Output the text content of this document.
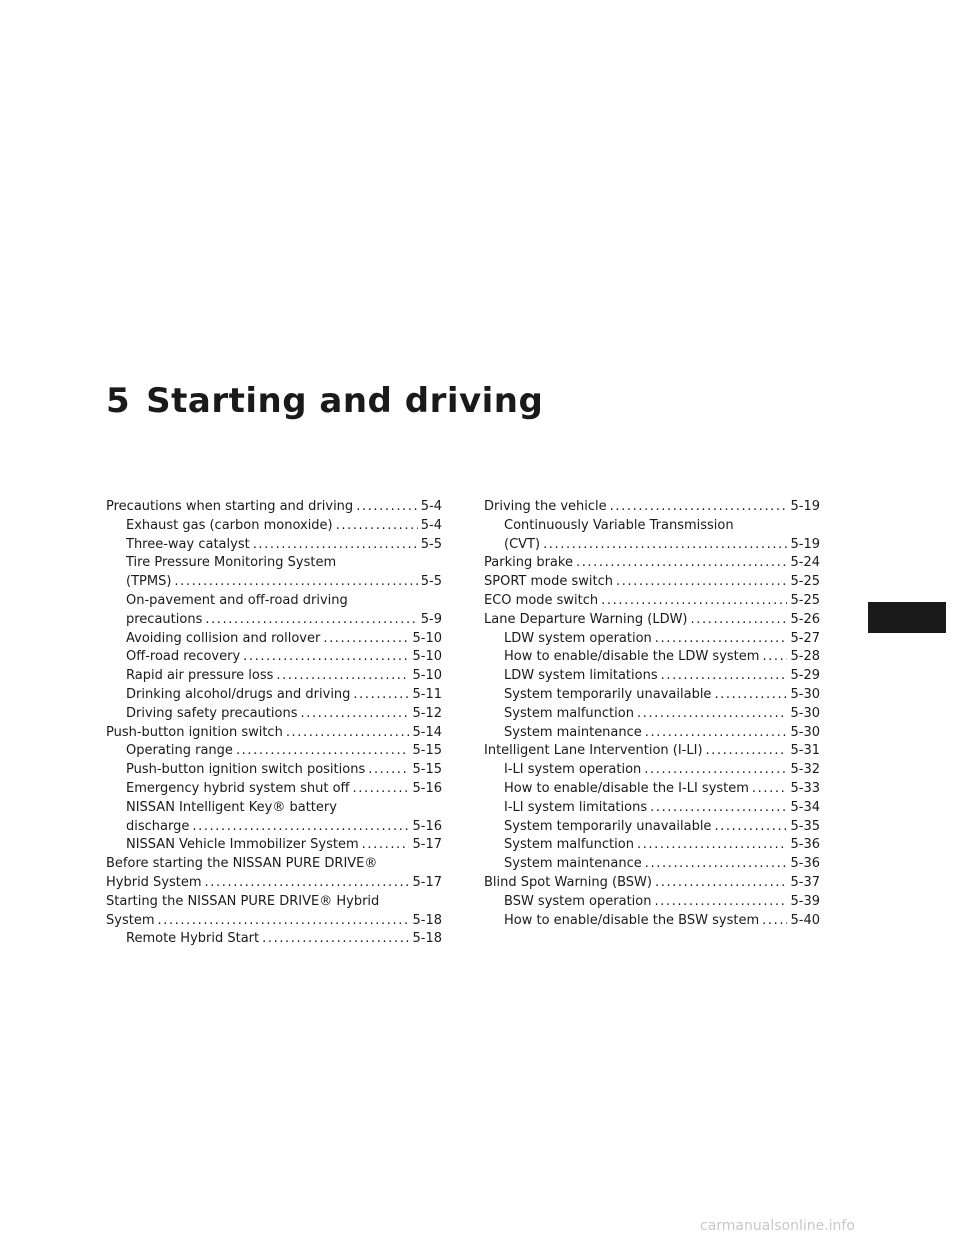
5 Starting and driving
Precautions when starting and driving .....	5-4
Exhaust gas (carbon monoxide) .....	5-4
Three-way catalyst .....	5-5
Tire Pressure Monitoring System
(TPMS) .....	5-5
On-pavement and off-road driving
precautions .....	5-9
Avoiding collision and rollover .....	5-10
Off-road recovery .....	5-10
Rapid air pressure loss .....	5-10
Drinking alcohol/drugs and driving .....	5-11
Driving safety precautions .....	5-12
Push-button ignition switch .....	5-14
Operating range .....	5-15
Push-button ignition switch positions .....	5-15
Emergency hybrid system shut off .....	5-16
NISSAN Intelligent Key® battery
discharge .....	5-16
NISSAN Vehicle Immobilizer System .....	5-17
Before starting the NISSAN PURE DRIVE®
Hybrid System .....	5-17
Starting the NISSAN PURE DRIVE® Hybrid
System .....	5-18
Remote Hybrid Start .....	5-18
Driving the vehicle .....	5-19
Continuously Variable Transmission
(CVT) .....	5-19
Parking brake .....	5-24
SPORT mode switch .....	5-25
ECO mode switch .....	5-25
Lane Departure Warning (LDW) .....	5-26
LDW system operation .....	5-27
How to enable/disable the LDW system ..... 5-28
LDW system limitations .....	5-29
System temporarily unavailable .....	5-30
System malfunction .....	5-30
System maintenance .....	5-30
Intelligent Lane Intervention (I-LI) .....	5-31
I-LI system operation .....	5-32
How to enable/disable the I-LI system .....	5-33
I-LI system limitations .....	5-34
System temporarily unavailable .....	5-35
System malfunction .....	5-36
System maintenance .....	5-36
Blind Spot Warning (BSW) .....	5-37
BSW system operation .....	5-39
How to enable/disable the BSW system ..... 5-40
carmanualsonline.info
